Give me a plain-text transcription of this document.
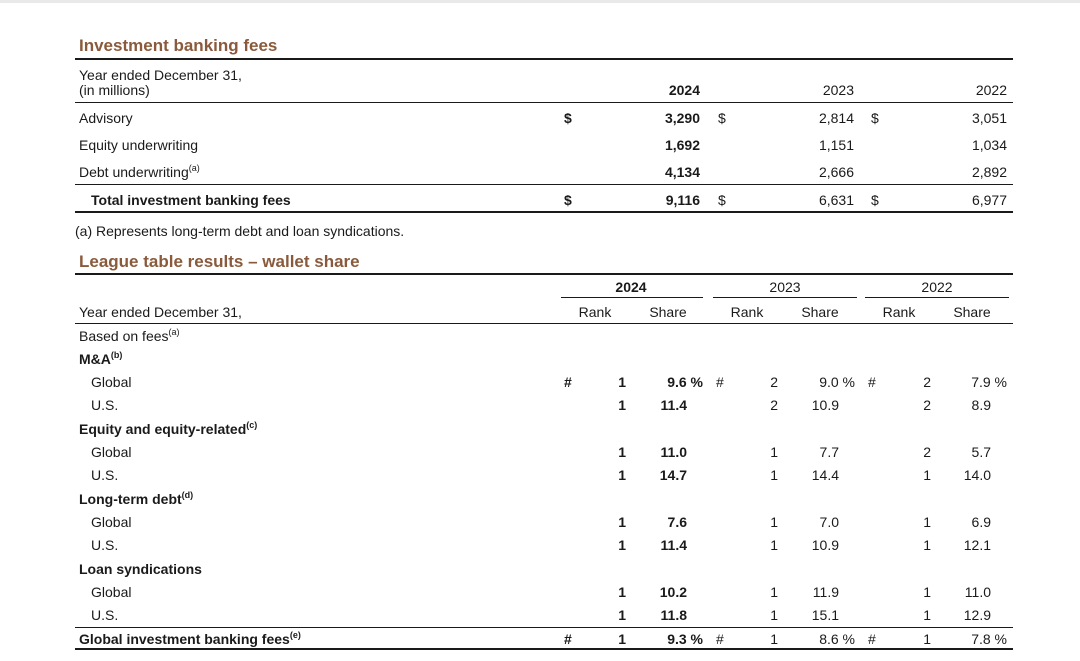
Investment banking fees
Year ended December 31,
(in millions)	2024	2023	2022
Advisory	$	3,290 $	2,814 $	3,051
Equity underwriting	1,692	1,151	1,034
Debt underwriting$^{(a)}$	4,134	2,666	2,892
Total investment banking fees	$	9,116 $	6,631 $	6,977
(a) Represents long-term debt and loan syndications.
League table results – wallet share
2024	2023	2022
Year ended December 31,	Rank	Share	Rank	Share	Rank	Share
Based on fees$^{(a)}$
$M\&A^{(b)}$
Global	#	1	9.6 % #	2	9.0 % #	2	7.9 %
U.S.	1	11.4	2	10.9	2	8.9
Equity and equity-related$^{(c)}$
Global	1	11.0	1	7.7	2	5.7
U.S.	1	14.7	1	14.4	1	14.0
Long-term debt$^{(d)}$
Global	1	7.6	1	7.0	1	6.9
U.S.	1	11.4	1	10.9	1	12.1
Loan syndications
Global	1	10.2	1	11.9	1	11.0
U.S.	1	11.8	1	15.1	1	12.9
Global investment banking fees$^{(e)}$	#	1	9.3 % #	1	8.6 % #	1	7.8 %
